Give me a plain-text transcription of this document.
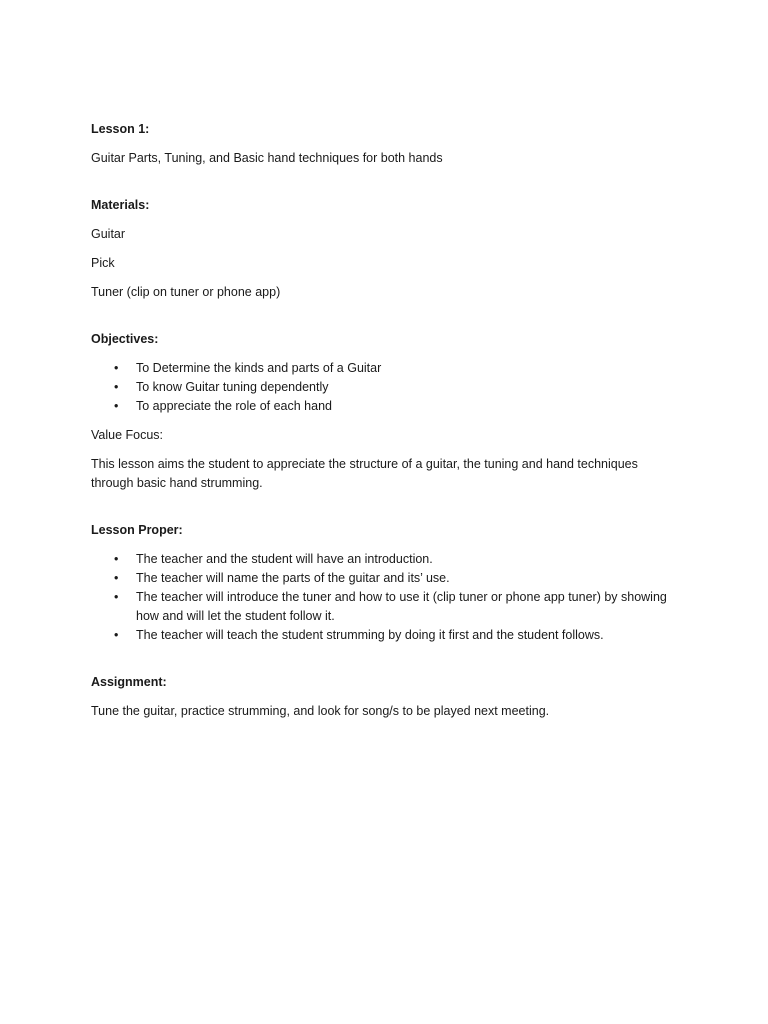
Lesson 1:

Guitar Parts, Tuning, and Basic hand techniques for both hands

Materials:

Guitar

Pick

Tuner (clip on tuner or phone app)

Objectives:

• To Determine the kinds and parts of a Guitar
• To know Guitar tuning dependently
• To appreciate the role of each hand

Value Focus:

This lesson aims the student to appreciate the structure of a guitar, the tuning and hand techniques through basic hand strumming.

Lesson Proper:

• The teacher and the student will have an introduction.
• The teacher will name the parts of the guitar and its’ use.
• The teacher will introduce the tuner and how to use it (clip tuner or phone app tuner) by showing how and will let the student follow it.
• The teacher will teach the student strumming by doing it first and the student follows.

Assignment:

Tune the guitar, practice strumming, and look for song/s to be played next meeting.
